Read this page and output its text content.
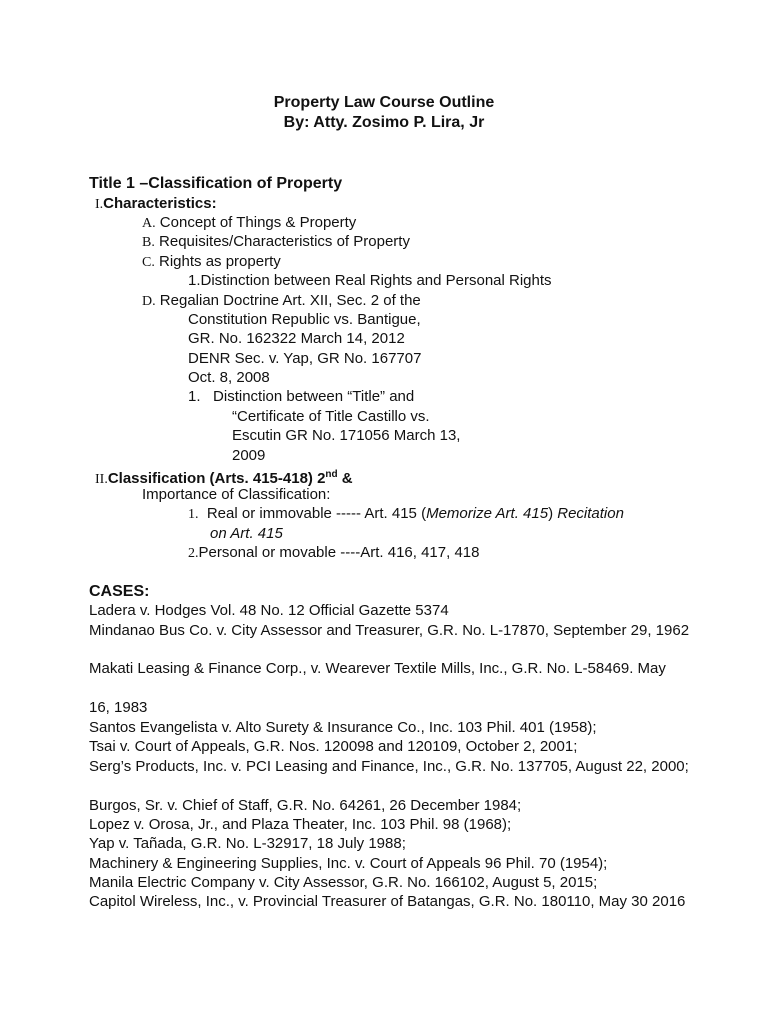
Property Law Course Outline
By: Atty. Zosimo P. Lira, Jr
Title 1 –Classification of Property
I.Characteristics:
A. Concept of Things & Property
B. Requisites/Characteristics of Property
C. Rights as property
1.Distinction between Real Rights and Personal Rights
D. Regalian Doctrine Art. XII, Sec. 2 of the
Constitution Republic vs. Bantigue,
GR. No. 162322 March 14, 2012
DENR Sec. v. Yap, GR No. 167707
Oct. 8, 2008
1. Distinction between “Title” and
“Certificate of Title Castillo vs.
Escutin GR No. 171056 March 13,
2009
II.Classification (Arts. 415-418) 2nd &
Importance of Classification:
1. Real or immovable ----- Art. 415 (Memorize Art. 415) Recitation
on Art. 415
2.Personal or movable ----Art. 416, 417, 418
CASES:
Ladera v. Hodges Vol. 48 No. 12 Official Gazette 5374
Mindanao Bus Co. v. City Assessor and Treasurer, G.R. No. L-17870, September 29, 1962
Makati Leasing & Finance Corp., v. Wearever Textile Mills, Inc., G.R. No. L-58469. May
16, 1983
Santos Evangelista v. Alto Surety & Insurance Co., Inc. 103 Phil. 401 (1958);
Tsai v. Court of Appeals, G.R. Nos. 120098 and 120109, October 2, 2001;
Serg’s Products, Inc. v. PCI Leasing and Finance, Inc., G.R. No. 137705, August 22, 2000;
Burgos, Sr. v. Chief of Staff, G.R. No. 64261, 26 December 1984;
Lopez v. Orosa, Jr., and Plaza Theater, Inc. 103 Phil. 98 (1968);
Yap v. Tañada, G.R. No. L-32917, 18 July 1988;
Machinery & Engineering Supplies, Inc. v. Court of Appeals 96 Phil. 70 (1954);
Manila Electric Company v. City Assessor, G.R. No. 166102, August 5, 2015;
Capitol Wireless, Inc., v. Provincial Treasurer of Batangas, G.R. No. 180110, May 30 2016
